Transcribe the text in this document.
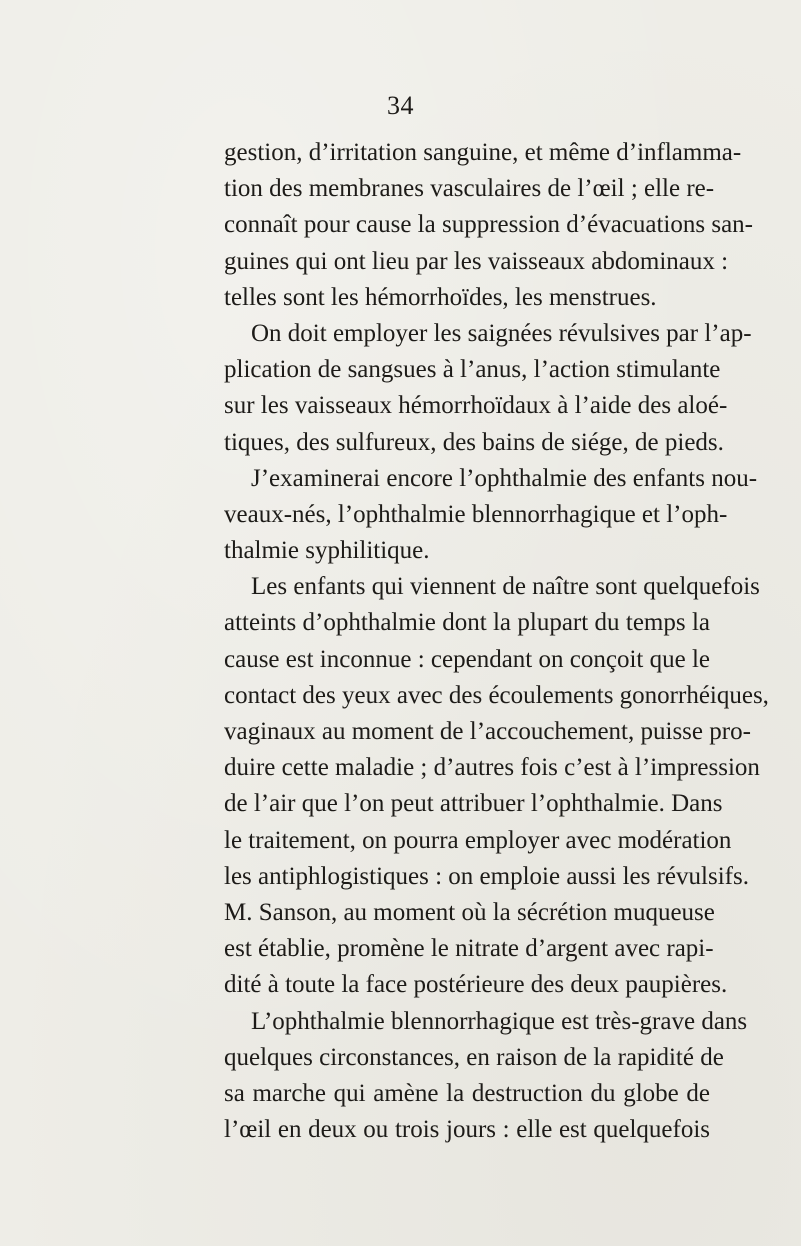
34
gestion, d’irritation sanguine, et même d’inflamma-
tion des membranes vasculaires de l’œil ; elle re-
connaît pour cause la suppression d’évacuations san-
guines qui ont lieu par les vaisseaux abdominaux :
telles sont les hémorrhoïdes, les menstrues.
On doit employer les saignées révulsives par l’ap-
plication de sangsues à l’anus, l’action stimulante
sur les vaisseaux hémorrhoïdaux à l’aide des aloé-
tiques, des sulfureux, des bains de siége, de pieds.
J’examinerai encore l’ophthalmie des enfants nou-
veaux-nés, l’ophthalmie blennorrhagique et l’oph-
thalmie syphilitique.
Les enfants qui viennent de naître sont quelquefois
atteints d’ophthalmie dont la plupart du temps la
cause est inconnue : cependant on conçoit que le
contact des yeux avec des écoulements gonorrhéiques,
vaginaux au moment de l’accouchement, puisse pro-
duire cette maladie ; d’autres fois c’est à l’impression
de l’air que l’on peut attribuer l’ophthalmie. Dans
le traitement, on pourra employer avec modération
les antiphlogistiques : on emploie aussi les révulsifs.
M. Sanson, au moment où la sécrétion muqueuse
est établie, promène le nitrate d’argent avec rapi-
dité à toute la face postérieure des deux paupières.
L’ophthalmie blennorrhagique est très-grave dans
quelques circonstances, en raison de la rapidité de
sa marche qui amène la destruction du globe de
l’œil en deux ou trois jours : elle est quelquefois
